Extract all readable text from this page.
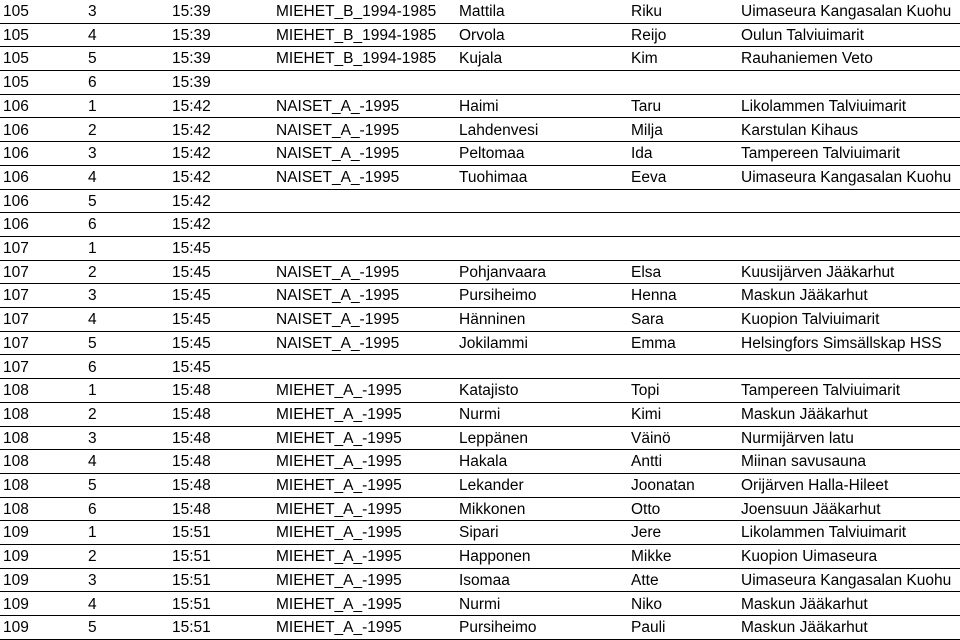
105	3	15:39	MIEHET_B_1994-1985 Mattila	Riku	Uimaseura Kangasalan Kuohu
105	4	15:39	MIEHET_B_1994-1985 Orvola	Reijo	Oulun Talviuimarit
105	5	15:39	MIEHET_B_1994-1985 Kujala	Kim	Rauhaniemen Veto
105	6	15:39
106	1	15:42	NAISET_A_-1995	Haimi	Taru	Likolammen Talviuimarit
106	2	15:42	NAISET_A_-1995	Lahdenvesi	Milja	Karstulan Kihaus
106	3	15:42	NAISET_A_-1995	Peltomaa	Ida	Tampereen Talviuimarit
106	4	15:42	NAISET_A_-1995	Tuohimaa	Eeva	Uimaseura Kangasalan Kuohu
106	5	15:42
106	6	15:42
107	1	15:45
107	2	15:45	NAISET_A_-1995	Pohjanvaara	Elsa	Kuusijärven Jääkarhut
107	3	15:45	NAISET_A_-1995	Pursiheimo	Henna	Maskun Jääkarhut
107	4	15:45	NAISET_A_-1995	Hänninen	Sara	Kuopion Talviuimarit
107	5	15:45	NAISET_A_-1995	Jokilammi	Emma	Helsingfors Simsällskap HSS
107	6	15:45
108	1	15:48	MIEHET_A_-1995	Katajisto	Topi	Tampereen Talviuimarit
108	2	15:48	MIEHET_A_-1995	Nurmi	Kimi	Maskun Jääkarhut
108	3	15:48	MIEHET_A_-1995	Leppänen	Väinö	Nurmijärven latu
108	4	15:48	MIEHET_A_-1995	Hakala	Antti	Miinan savusauna
108	5	15:48	MIEHET_A_-1995	Lekander	Joonatan	Orijärven Halla-Hileet
108	6	15:48	MIEHET_A_-1995	Mikkonen	Otto	Joensuun Jääkarhut
109	1	15:51	MIEHET_A_-1995	Sipari	Jere	Likolammen Talviuimarit
109	2	15:51	MIEHET_A_-1995	Happonen	Mikke	Kuopion Uimaseura
109	3	15:51	MIEHET_A_-1995	Isomaa	Atte	Uimaseura Kangasalan Kuohu
109	4	15:51	MIEHET_A_-1995	Nurmi	Niko	Maskun Jääkarhut
109	5	15:51	MIEHET_A_-1995	Pursiheimo	Pauli	Maskun Jääkarhut
